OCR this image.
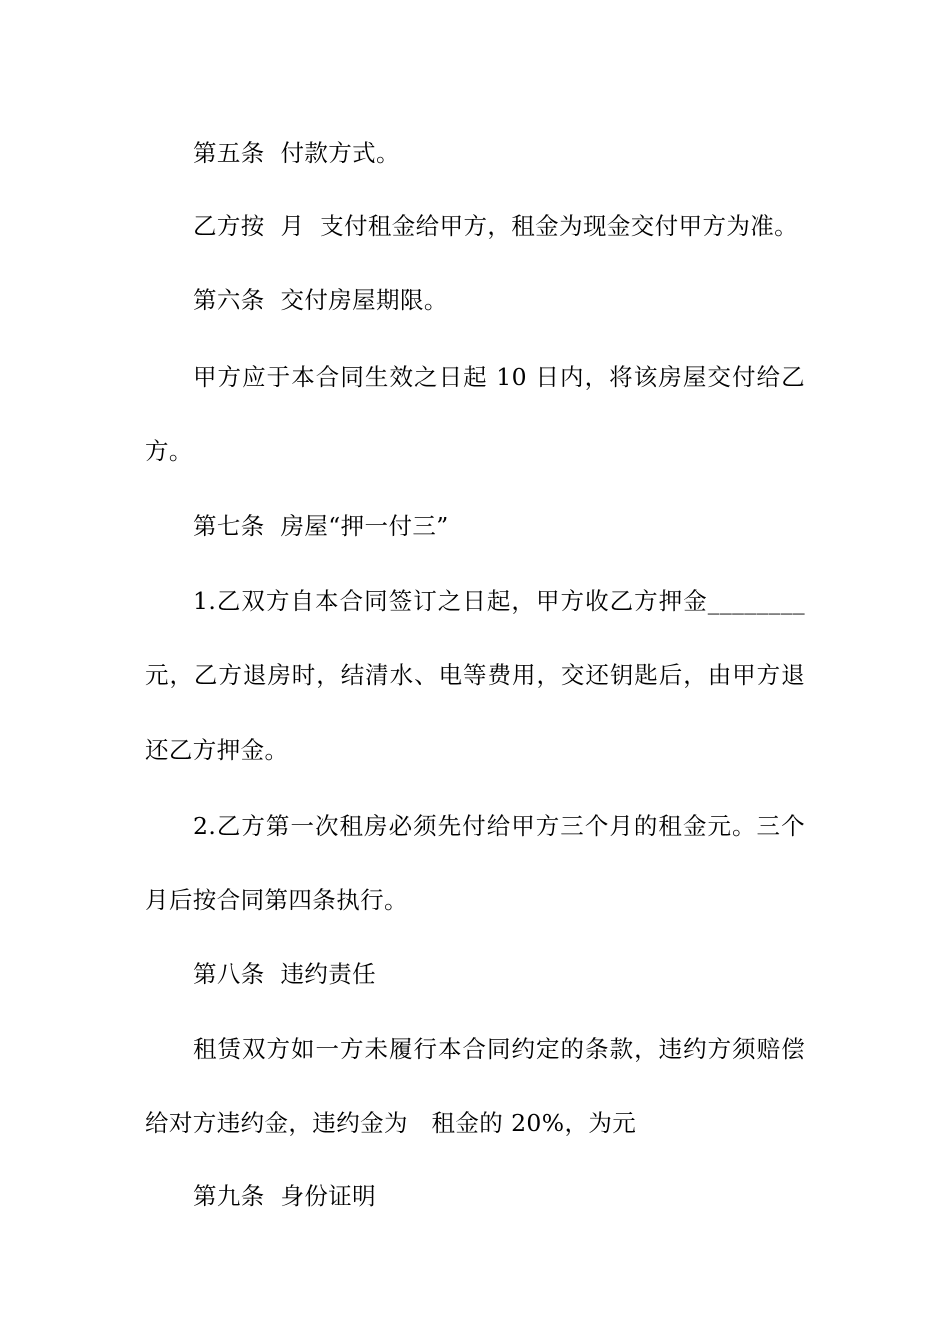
第五条  付款方式。
乙方按  月  支付租金给甲方，租金为现金交付甲方为准。
第六条  交付房屋期限。
甲方应于本合同生效之日起 10 日内，将该房屋交付给乙
方。
第七条  房屋“押一付三”
1.乙双方自本合同签订之日起，甲方收乙方押金________
元，乙方退房时，结清水、电等费用，交还钥匙后，由甲方退
还乙方押金。
2.乙方第一次租房必须先付给甲方三个月的租金元。三个
月后按合同第四条执行。
第八条  违约责任
租赁双方如一方未履行本合同约定的条款，违约方须赔偿
给对方违约金，违约金为   租金的 20%，为元
第九条  身份证明
